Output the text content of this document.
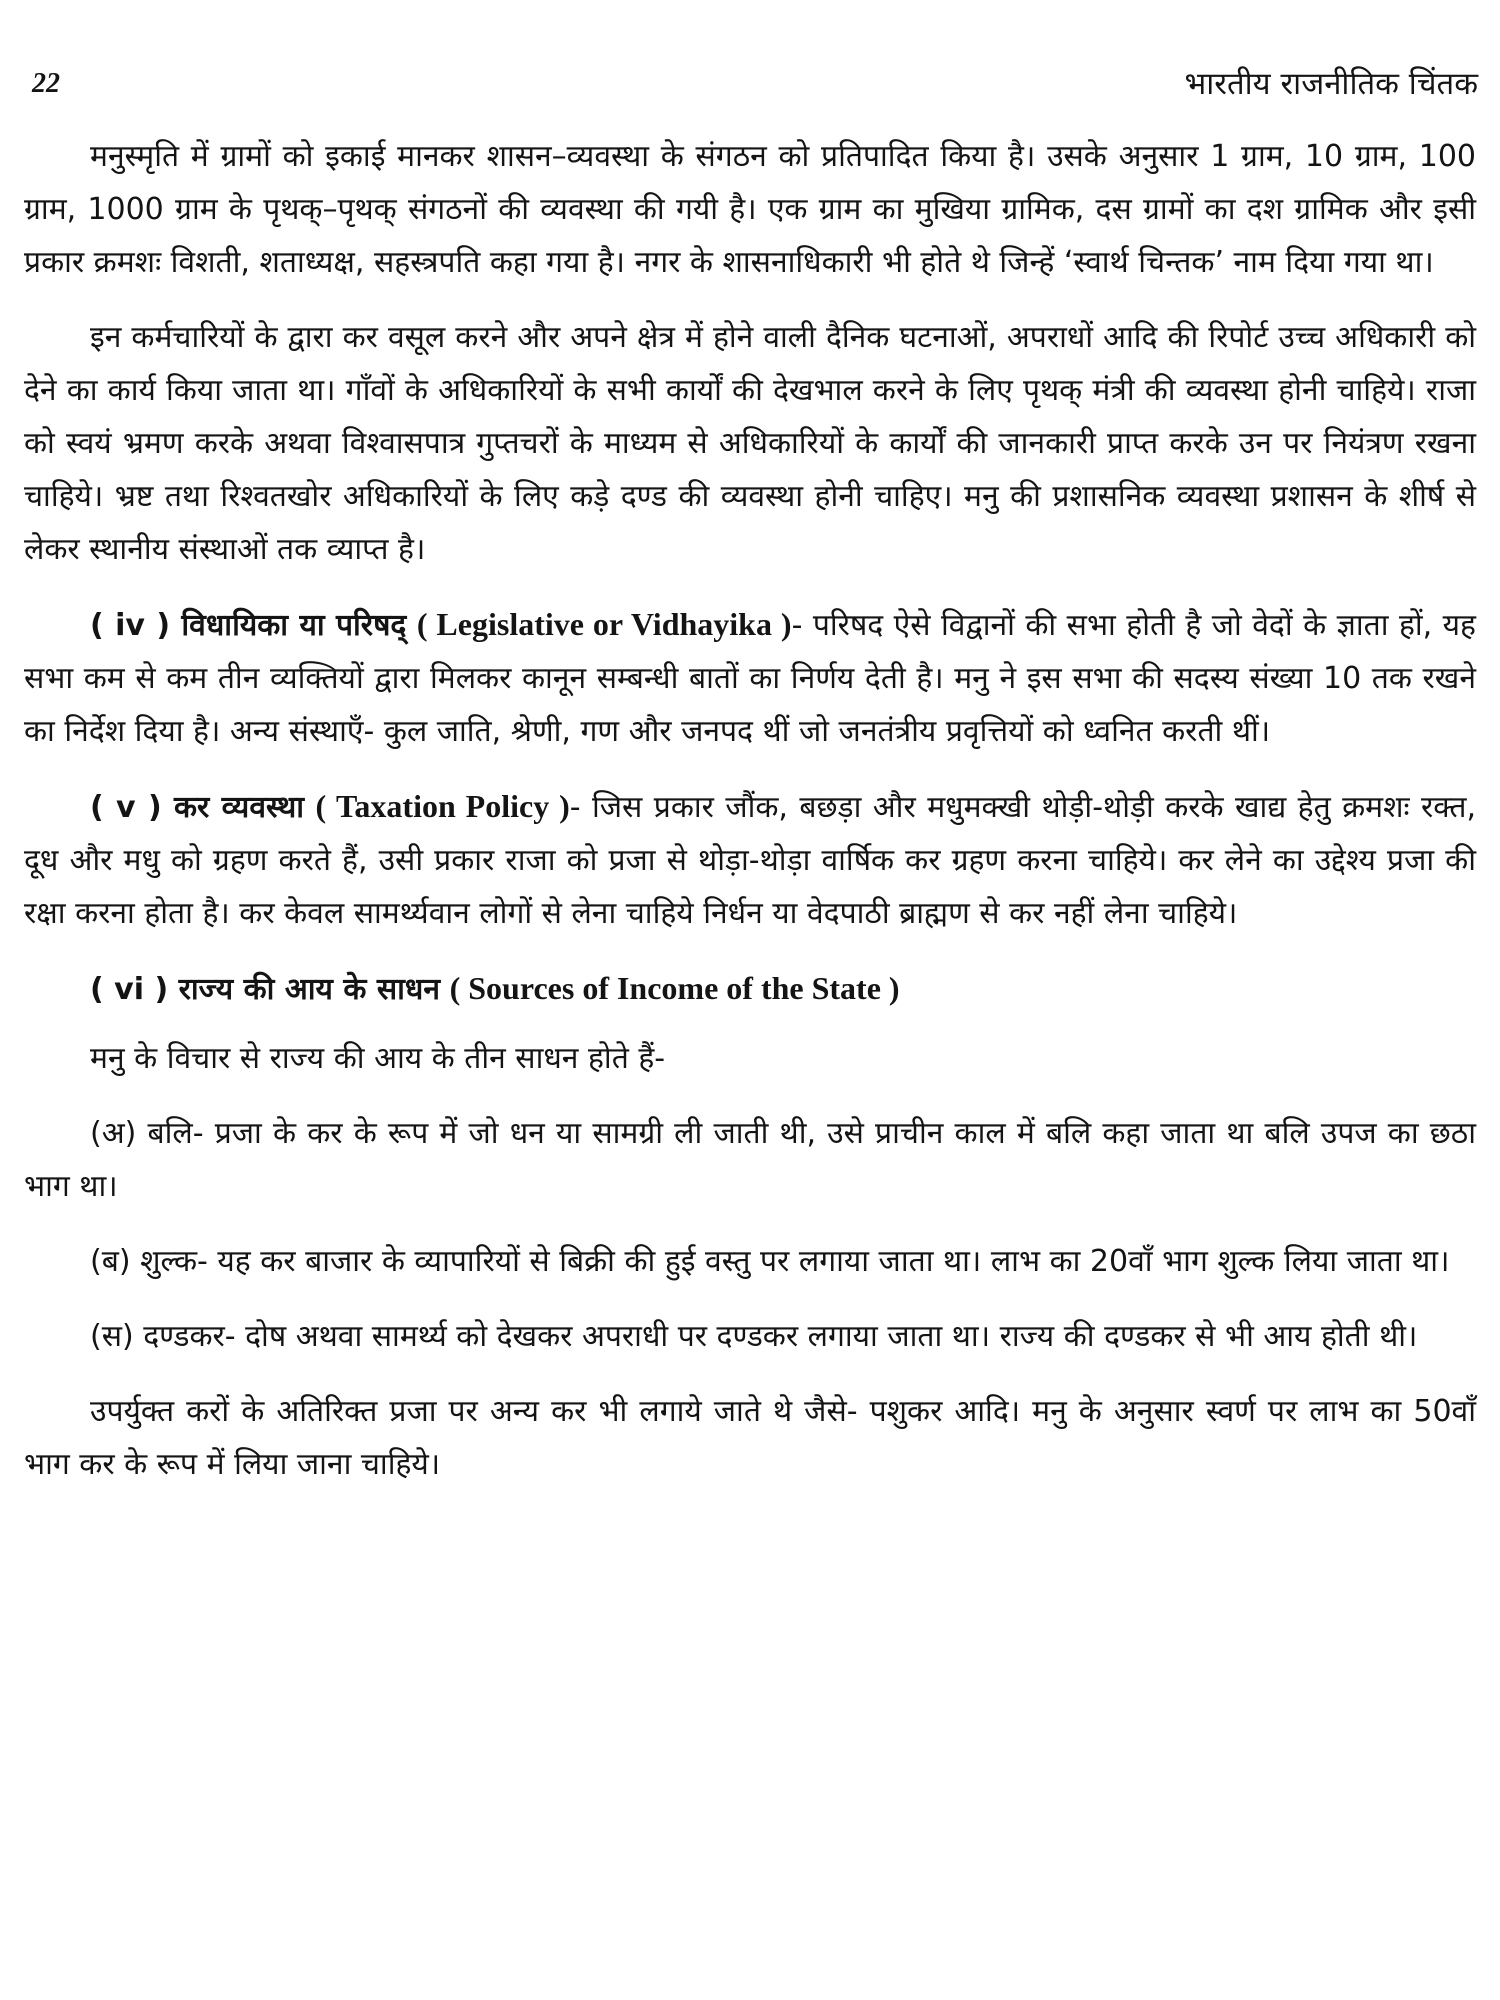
22	भारतीय राजनीतिक चिंतक

मनुस्मृति में ग्रामों को इकाई मानकर शासन–व्यवस्था के संगठन को प्रतिपादित किया है। उसके अनुसार 1 ग्राम, 10 ग्राम, 100 ग्राम, 1000 ग्राम के पृथक्–पृथक् संगठनों की व्यवस्था की गयी है। एक ग्राम का मुखिया ग्रामिक, दस ग्रामों का दश ग्रामिक और इसी प्रकार क्रमशः विशती, शताध्यक्ष, सहस्त्रपति कहा गया है। नगर के शासनाधिकारी भी होते थे जिन्हें ‘स्वार्थ चिन्तक’ नाम दिया गया था।

इन कर्मचारियों के द्वारा कर वसूल करने और अपने क्षेत्र में होने वाली दैनिक घटनाओं, अपराधों आदि की रिपोर्ट उच्च अधिकारी को देने का कार्य किया जाता था। गाँवों के अधिकारियों के सभी कार्यों की देखभाल करने के लिए पृथक् मंत्री की व्यवस्था होनी चाहिये। राजा को स्वयं भ्रमण करके अथवा विश्वासपात्र गुप्तचरों के माध्यम से अधिकारियों के कार्यों की जानकारी प्राप्त करके उन पर नियंत्रण रखना चाहिये। भ्रष्ट तथा रिश्वतखोर अधिकारियों के लिए कड़े दण्ड की व्यवस्था होनी चाहिए। मनु की प्रशासनिक व्यवस्था प्रशासन के शीर्ष से लेकर स्थानीय संस्थाओं तक व्याप्त है।

( iv ) विधायिका या परिषद् ( Legislative or Vidhayika )- परिषद ऐसे विद्वानों की सभा होती है जो वेदों के ज्ञाता हों, यह सभा कम से कम तीन व्यक्तियों द्वारा मिलकर कानून सम्बन्धी बातों का निर्णय देती है। मनु ने इस सभा की सदस्य संख्या 10 तक रखने का निर्देश दिया है। अन्य संस्थाएँ- कुल जाति, श्रेणी, गण और जनपद थीं जो जनतंत्रीय प्रवृत्तियों को ध्वनित करती थीं।

( v ) कर व्यवस्था ( Taxation Policy )- जिस प्रकार जौंक, बछड़ा और मधुमक्खी थोड़ी-थोड़ी करके खाद्य हेतु क्रमशः रक्त, दूध और मधु को ग्रहण करते हैं, उसी प्रकार राजा को प्रजा से थोड़ा-थोड़ा वार्षिक कर ग्रहण करना चाहिये। कर लेने का उद्देश्य प्रजा की रक्षा करना होता है। कर केवल सामर्थ्यवान लोगों से लेना चाहिये निर्धन या वेदपाठी ब्राह्मण से कर नहीं लेना चाहिये।

( vi ) राज्य की आय के साधन ( Sources of Income of the State )

मनु के विचार से राज्य की आय के तीन साधन होते हैं-

(अ) बलि- प्रजा के कर के रूप में जो धन या सामग्री ली जाती थी, उसे प्राचीन काल में बलि कहा जाता था बलि उपज का छठा भाग था।

(ब) शुल्क- यह कर बाजार के व्यापारियों से बिक्री की हुई वस्तु पर लगाया जाता था। लाभ का 20वाँ भाग शुल्क लिया जाता था।

(स) दण्डकर- दोष अथवा सामर्थ्य को देखकर अपराधी पर दण्डकर लगाया जाता था। राज्य की दण्डकर से भी आय होती थी।

उपर्युक्त करों के अतिरिक्त प्रजा पर अन्य कर भी लगाये जाते थे जैसे- पशुकर आदि। मनु के अनुसार स्वर्ण पर लाभ का 50वाँ भाग कर के रूप में लिया जाना चाहिये।
